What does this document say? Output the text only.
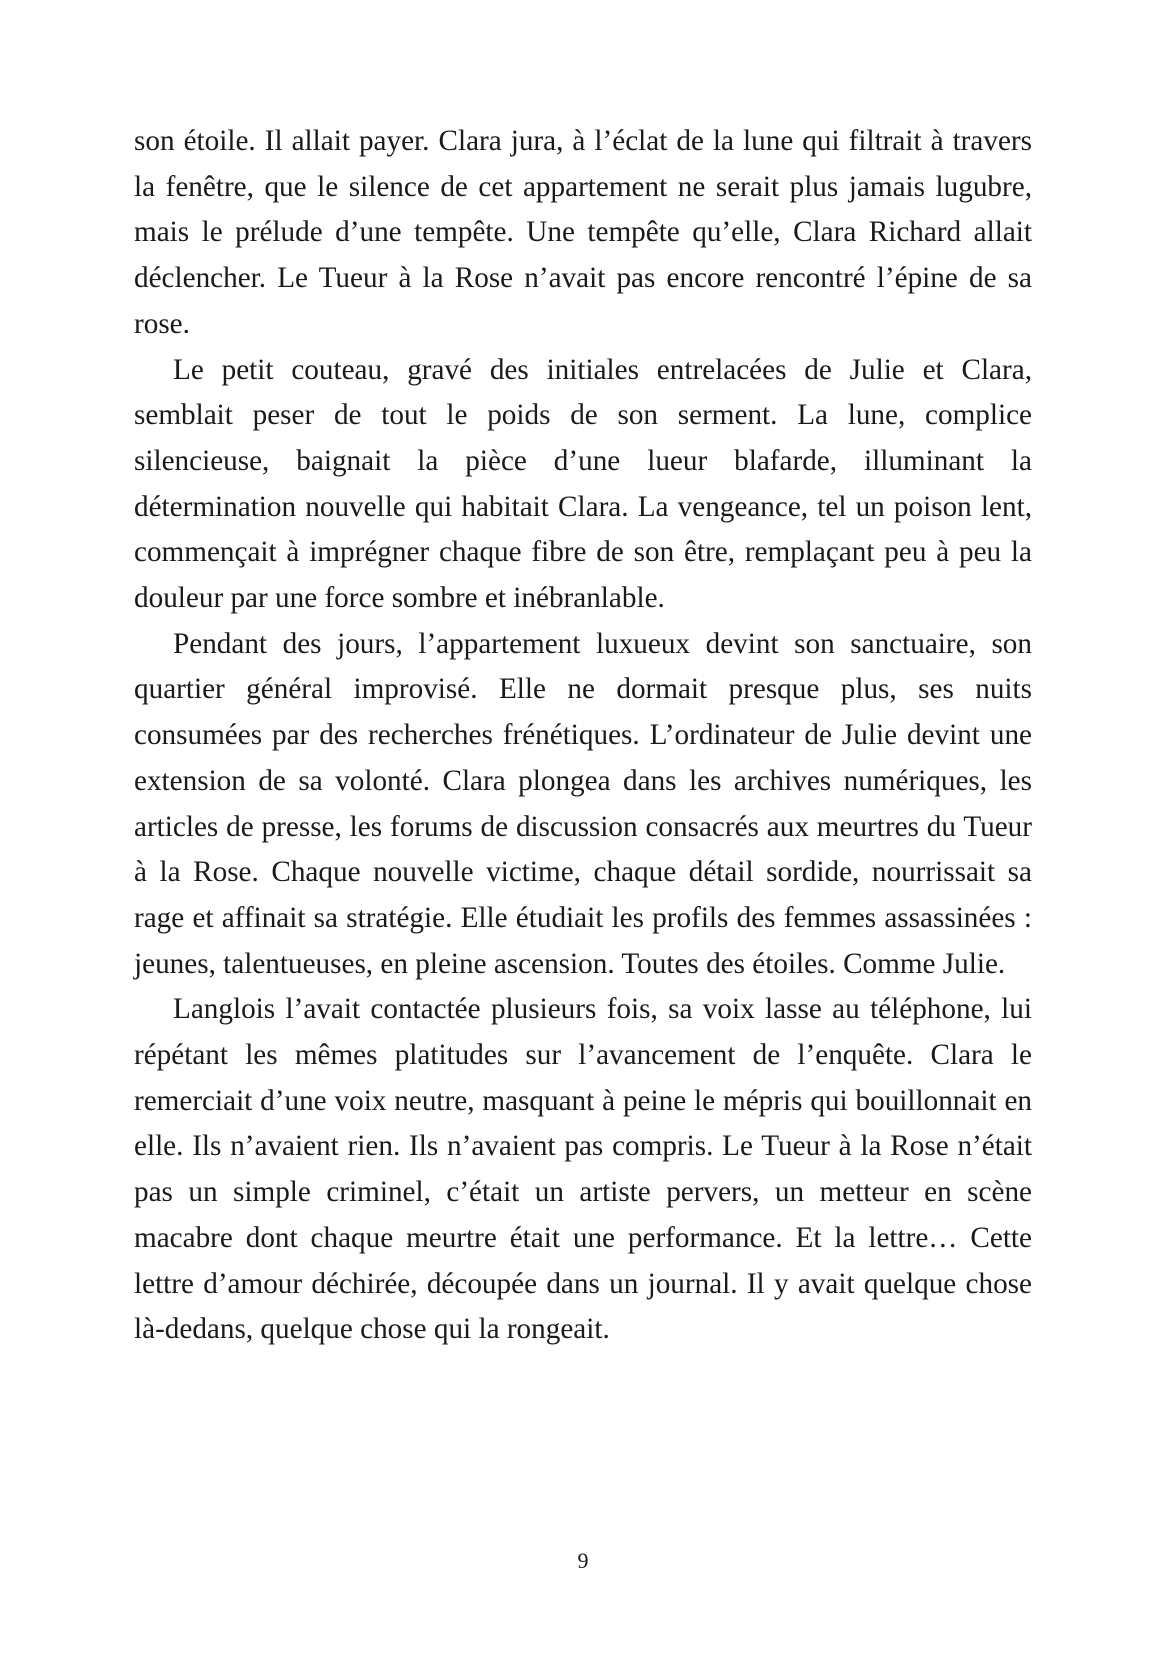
son étoile. Il allait payer. Clara jura, à l’éclat de la lune qui filtrait à travers la fenêtre, que le silence de cet appartement ne serait plus jamais lugubre, mais le prélude d’une tempête. Une tempête qu’elle, Clara Richard allait déclencher. Le Tueur à la Rose n’avait pas encore rencontré l’épine de sa rose.

Le petit couteau, gravé des initiales entrelacées de Julie et Clara, semblait peser de tout le poids de son serment. La lune, complice silencieuse, baignait la pièce d’une lueur blafarde, illuminant la détermination nouvelle qui habitait Clara. La vengeance, tel un poison lent, commençait à imprégner chaque fibre de son être, remplaçant peu à peu la douleur par une force sombre et inébranlable.

Pendant des jours, l’appartement luxueux devint son sanctuaire, son quartier général improvisé. Elle ne dormait presque plus, ses nuits consumées par des recherches frénétiques. L’ordinateur de Julie devint une extension de sa volonté. Clara plongea dans les archives numériques, les articles de presse, les forums de discussion consacrés aux meurtres du Tueur à la Rose. Chaque nouvelle victime, chaque détail sordide, nourrissait sa rage et affinait sa stratégie. Elle étudiait les profils des femmes assassinées : jeunes, talentueuses, en pleine ascension. Toutes des étoiles. Comme Julie.

Langlois l’avait contactée plusieurs fois, sa voix lasse au téléphone, lui répétant les mêmes platitudes sur l’avancement de l’enquête. Clara le remerciait d’une voix neutre, masquant à peine le mépris qui bouillonnait en elle. Ils n’avaient rien. Ils n’avaient pas compris. Le Tueur à la Rose n’était pas un simple criminel, c’était un artiste pervers, un metteur en scène macabre dont chaque meurtre était une performance. Et la lettre… Cette lettre d’amour déchirée, découpée dans un journal. Il y avait quelque chose là-dedans, quelque chose qui la rongeait.

9
